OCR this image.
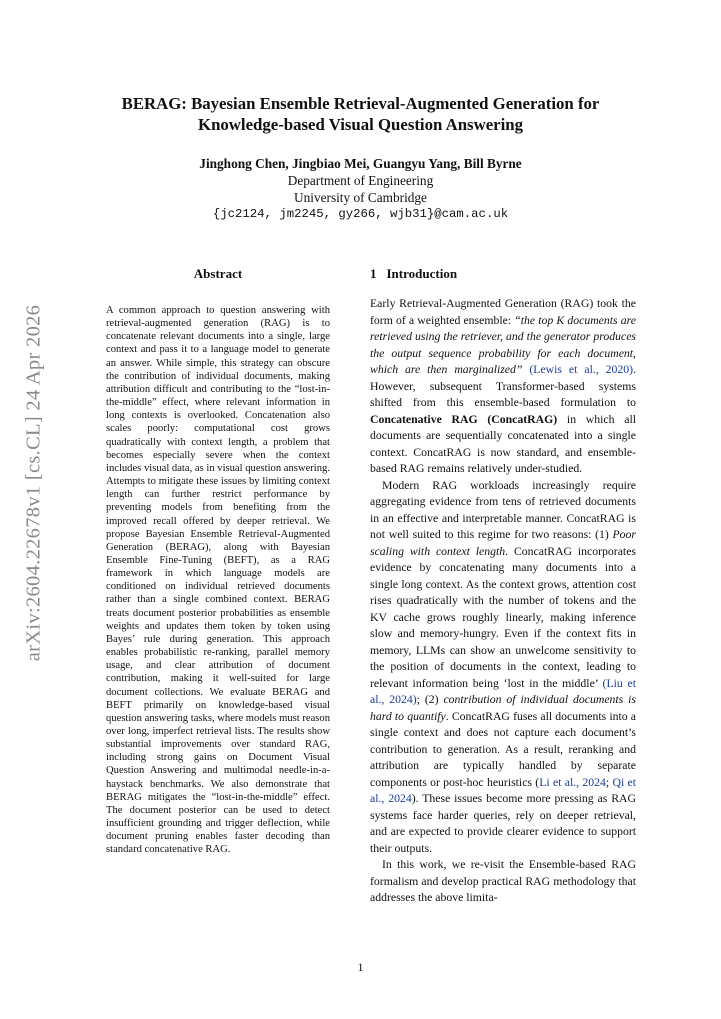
arXiv:2604.22678v1 [cs.CL] 24 Apr 2026
BERAG: Bayesian Ensemble Retrieval-Augmented Generation for
Knowledge-based Visual Question Answering
Jinghong Chen, Jingbiao Mei, Guangyu Yang, Bill Byrne
Department of Engineering
University of Cambridge
{jc2124, jm2245, gy266, wjb31}@cam.ac.uk
Abstract
A common approach to question answering with retrieval-augmented generation (RAG) is to concatenate relevant documents into a single, large context and pass it to a language model to generate an answer. While simple, this strategy can obscure the contribution of individual documents, making attribution difficult and contributing to the “lost-in-the-middle” effect, where relevant information in long contexts is overlooked. Concatenation also scales poorly: computational cost grows quadratically with context length, a problem that becomes especially severe when the context includes visual data, as in visual question answering. Attempts to mitigate these issues by limiting context length can further restrict performance by preventing models from benefiting from the improved recall offered by deeper retrieval. We propose Bayesian Ensemble Retrieval-Augmented Generation (BERAG), along with Bayesian Ensemble Fine-Tuning (BEFT), as a RAG framework in which language models are conditioned on individual retrieved documents rather than a single combined context. BERAG treats document posterior probabilities as ensemble weights and updates them token by token using Bayes’ rule during generation. This approach enables probabilistic re-ranking, parallel memory usage, and clear attribution of document contribution, making it well-suited for large document collections. We evaluate BERAG and BEFT primarily on knowledge-based visual question answering tasks, where models must reason over long, imperfect retrieval lists. The results show substantial improvements over standard RAG, including strong gains on Document Visual Question Answering and multimodal needle-in-a-haystack benchmarks. We also demonstrate that BERAG mitigates the “lost-in-the-middle” effect. The document posterior can be used to detect insufficient grounding and trigger deflection, while document pruning enables faster decoding than standard concatenative RAG.
1 Introduction

Early Retrieval-Augmented Generation (RAG) took the form of a weighted ensemble: “the top K documents are retrieved using the retriever, and the generator produces the output sequence probability for each document, which are then marginalized” (Lewis et al., 2020). However, subsequent Transformer-based systems shifted from this ensemble-based formulation to Concatenative RAG (ConcatRAG) in which all documents are sequentially concatenated into a single context. ConcatRAG is now standard, and ensemble-based RAG remains relatively under-studied.

Modern RAG workloads increasingly require aggregating evidence from tens of retrieved documents in an effective and interpretable manner. ConcatRAG is not well suited to this regime for two reasons: (1) Poor scaling with context length. ConcatRAG incorporates evidence by concatenating many documents into a single long context. As the context grows, attention cost rises quadratically with the number of tokens and the KV cache grows roughly linearly, making inference slow and memory-hungry. Even if the context fits in memory, LLMs can show an unwelcome sensitivity to the position of documents in the context, leading to relevant information being ‘lost in the middle’ (Liu et al., 2024); (2) contribution of individual documents is hard to quantify. ConcatRAG fuses all documents into a single context and does not capture each document’s contribution to generation. As a result, reranking and attribution are typically handled by separate components or post-hoc heuristics (Li et al., 2024; Qi et al., 2024). These issues become more pressing as RAG systems face harder queries, rely on deeper retrieval, and are expected to provide clearer evidence to support their outputs.

In this work, we re-visit the Ensemble-based RAG formalism and develop practical RAG methodology that addresses the above limita-

1
